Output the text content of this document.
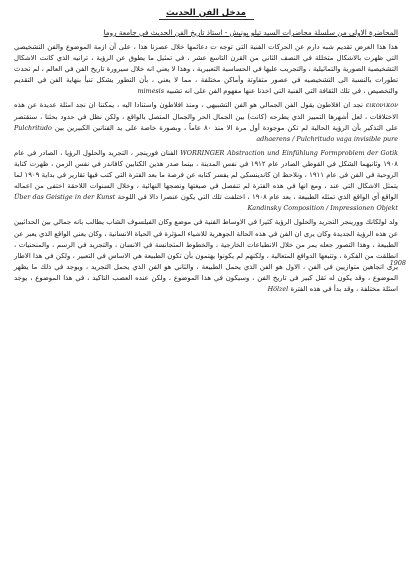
مدخل الفن الحديث
المحاضرة الاولى من سلسلة محاضرات السيد تيلو بونيش - استاذ تاريخ الفن الحديث في جامعة روما

هذا هذا العرض تقديم شبه دارم عن الحركات الفنية التي توجه ت دعائمها خلال عصرنا هذا ، على أن ازمة الموضوع والفن التشخيصي التي ظهرت بالاشكال متخللة في النصف الثاني من القرن التاسع عشر ، في تمثيل ما يطوق عن الرؤية ، ترانيه الذي كانت الاشكال التشخيصية الصورية والتماثيلية ، والتجريب عليها في الحساسية التعبيرية ، وهذا لا يعني انه خلال سيرورة تاريخ الفن في العالم ، لم تحدث تطورات بالنسبة الى التشخيصيه في عصور متفاوتة وأماكن مختلفة ، مما لا يعني ، بأن التطور يشكل تنبأ بنهاية الفن في التقديم والتخصيص ، في تلك الثقافة التي الفنية التي اخذنا عنها مفهوم الفن على انه تشبيه mimesis

εικονικον نجد ان افلاطون يقول الفن الجمالي هو الفن التشبيهي ، ومنذ افلاطون واستنادا اليه ، يمكننا ان نجد امثلة عديدة عن هذه الاختلافات ، لعل أشهرها التمييز الذي يطرحه (كانت) بين الجمال الحر والجمال المتصل بالواقع ، ولكن نظل في حدود بحثنا ، سنقتصر على التذكير بأن الرؤية الحالية لم تكن موجودة أول مرة الا منذ ٨٠ عاماً ، وبصورة خاصة على يد الفنانين الكبيرين بين Pulchritudo adhaerens / Pulchritudo vaga invisible pure

WORRINGER Abstraction und Einfühlung Formproblem der Gotik الفنان فورينجر ، التجريد والحلول الرؤيا ، الصادر في عام ١٩٠٨ وثانيهما الشكل في القوطي الصادر عام ١٩١٢ في نفس المدينة ، بينما صدر هذين الكتابين كافاندر في نفس الزمن ، ظهرت كتابة الروحية في الفن في عام ١٩١١ ، ونلاحظ ان كاندينسكي لم يفسر كتابه عن فرصة ما بعد الفترة التي كتب فيها تقارير في بداية ١٩٠٩ لما يتمثل الاشكال التي عند ، ومع انها في هذه الفترة لم تنفصل في صيغتها ونضجها النهائية ، وخلال السنوات اللاحقة اختفى من اعماله الواقع أي الواقع الذي تمثله الطبيعة ، بعد عام ١٩٠٨ ، اختلفت تلك التي يكون عنصرا دالا في اللوحة Über das Geistige in der Kunst Kandinsky Composition / Impressionen Objekt

ولد لولكانك وورينجر التجريد والحلول الرؤية كثيرا في الاوساط الفنية في موضع وكان الفيلسوف الشاب يطالب بانه جمالي بين الحداثيين عن هذه الرؤية الجديدة وكان يرى ان الفن في هذه الحالة الجوهرية للاشياء المؤثرة في الحياة الانسانية ، وكان يعني الواقع الذي يعبر عن الطبيعة ، وهذا التصور جعله يمر من خلال الانطباعات الخارجية ، والخطوط المتجانسة في الانسان ، والتجريد في الرسم ، والمنحنيات ، انطلقت من الفكرة ، وتتبعها الدوافع المتعالية ، ولكنهم لم يكونوا يهتمون بأن تكون الطبيعة هي الاساس في التعبير ، ولكن في هذا الاطار يرى اتجاهين متوازيين في الفن ، الاول هو الفن الذي يحمل الطبيعة ، والثاني هو الفن الذي يحمل التجريد ، ويوجد في ذلك ما يظهر الموضوع ، وقد يكون له ثقل كبير في تاريخ الفن ، وسيكون في هذا الموضوع ، ولكن عنده العصب التاكيد ، في هذا الموضوع ، يوجد اسئلة مختلفة ، وقد بدأ في هذه الفترة Hölzel

1908
